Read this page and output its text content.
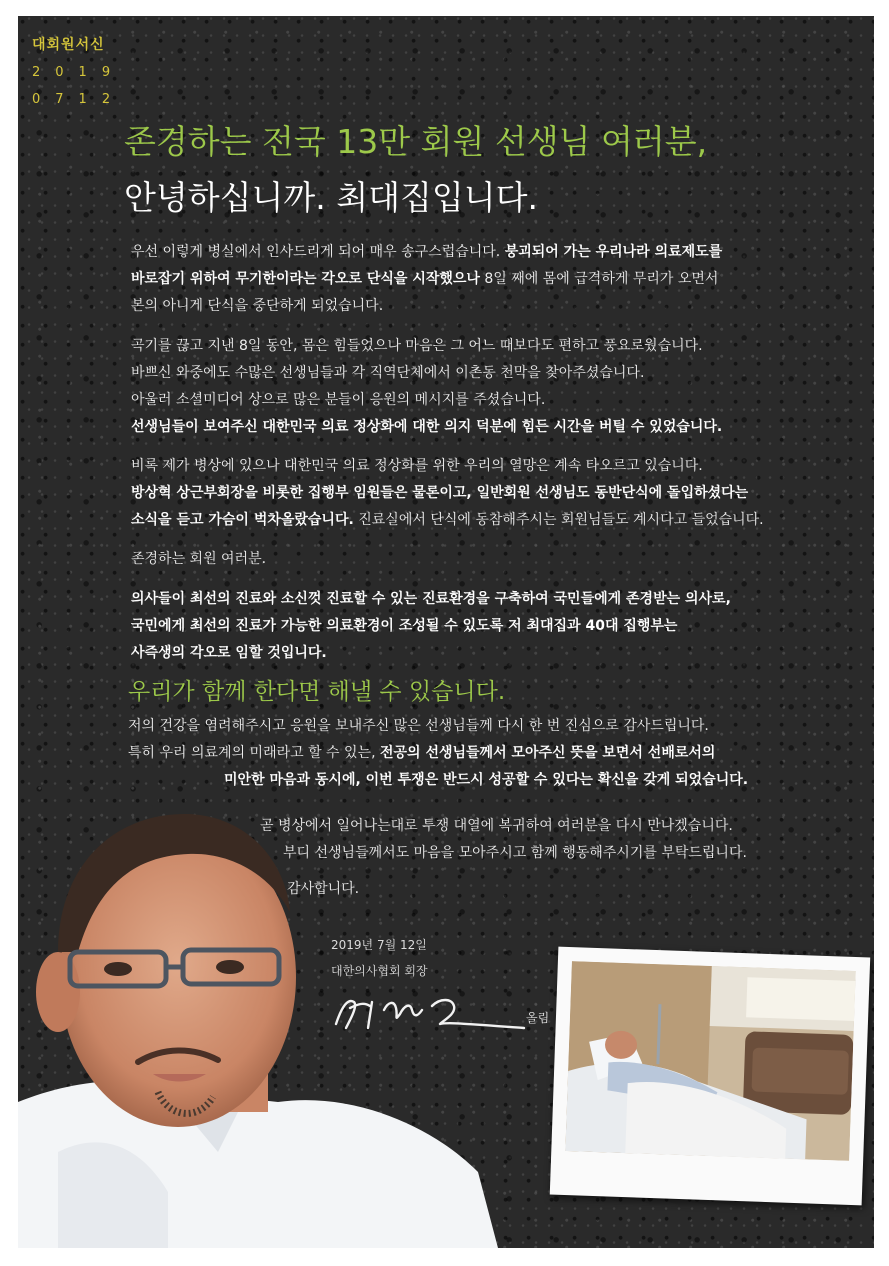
대회원서신
2019
0712
존경하는 전국 13만 회원 선생님 여러분,
안녕하십니까. 최대집입니다.
우선 이렇게 병실에서 인사드리게 되어 매우 송구스럽습니다. 붕괴되어 가는 우리나라 의료제도를
바로잡기 위하여 무기한이라는 각오로 단식을 시작했으나 8일 째에 몸에 급격하게 무리가 오면서
본의 아니게 단식을 중단하게 되었습니다.
곡기를 끊고 지낸 8일 동안, 몸은 힘들었으나 마음은 그 어느 때보다도 편하고 풍요로웠습니다.
바쁘신 와중에도 수많은 선생님들과 각 직역단체에서 이촌동 천막을 찾아주셨습니다.
아울러 소셜미디어 상으로 많은 분들이 응원의 메시지를 주셨습니다.
선생님들이 보여주신 대한민국 의료 정상화에 대한 의지 덕분에 힘든 시간을 버틸 수 있었습니다.
비록 제가 병상에 있으나 대한민국 의료 정상화를 위한 우리의 열망은 계속 타오르고 있습니다.
방상혁 상근부회장을 비롯한 집행부 임원들은 물론이고, 일반회원 선생님도 동반단식에 돌입하셨다는
소식을 듣고 가슴이 벅차올랐습니다. 진료실에서 단식에 동참해주시는 회원님들도 계시다고 들었습니다.
존경하는 회원 여러분.
의사들이 최선의 진료와 소신껏 진료할 수 있는 진료환경을 구축하여 국민들에게 존경받는 의사로,
국민에게 최선의 진료가 가능한 의료환경이 조성될 수 있도록 저 최대집과 40대 집행부는
사즉생의 각오로 임할 것입니다.
우리가 함께 한다면 해낼 수 있습니다.
저의 건강을 염려해주시고 응원을 보내주신 많은 선생님들께 다시 한 번 진심으로 감사드립니다.
특히 우리 의료계의 미래라고 할 수 있는, 전공의 선생님들께서 모아주신 뜻을 보면서 선배로서의
미안한 마음과 동시에, 이번 투쟁은 반드시 성공할 수 있다는 확신을 갖게 되었습니다.
곧 병상에서 일어나는대로 투쟁 대열에 복귀하여 여러분을 다시 만나겠습니다.
부디 선생님들께서도 마음을 모아주시고 함께 행동해주시기를 부탁드립니다.
감사합니다.
2019년 7월 12일
대한의사협회 회장
올림
